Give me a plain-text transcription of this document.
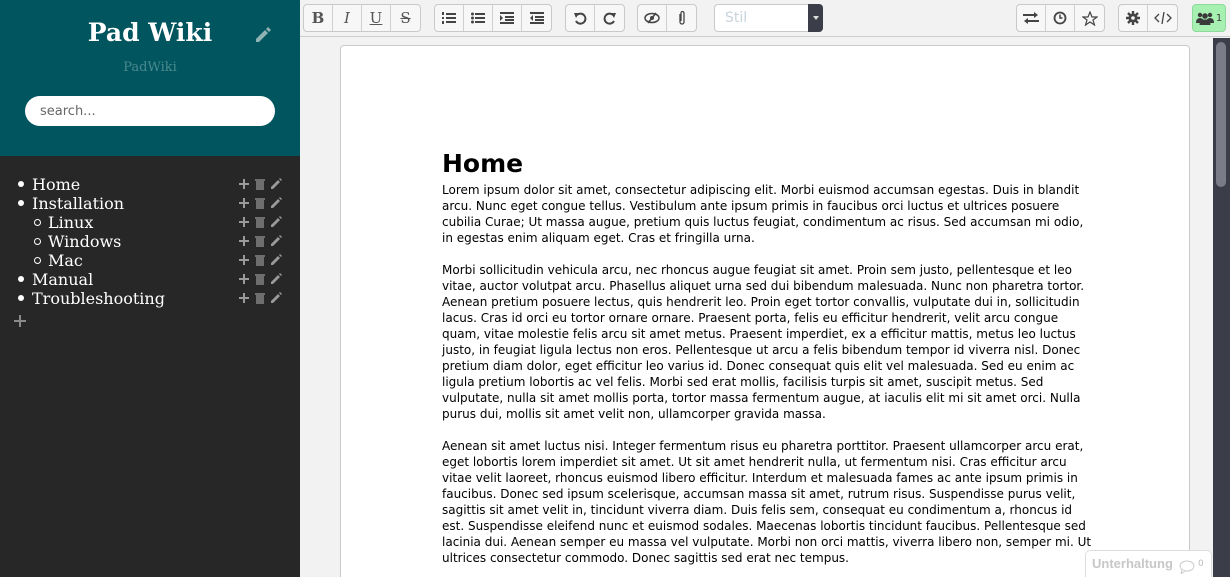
Pad Wiki
PadWiki
search...
Home
Installation
Linux
Windows
Mac
Manual
Troubleshooting
B	I	U	S	Stil	1
Home

Lorem ipsum dolor sit amet, consectetur adipiscing elit. Morbi euismod accumsan egestas. Duis in blandit arcu. Nunc eget congue tellus. Vestibulum ante ipsum primis in faucibus orci luctus et ultrices posuere cubilia Curae; Ut massa augue, pretium quis luctus feugiat, condimentum ac risus. Sed accumsan mi odio, in egestas enim aliquam eget. Cras et fringilla urna.

Morbi sollicitudin vehicula arcu, nec rhoncus augue feugiat sit amet. Proin sem justo, pellentesque et leo vitae, auctor volutpat arcu. Phasellus aliquet urna sed dui bibendum malesuada. Nunc non pharetra tortor. Aenean pretium posuere lectus, quis hendrerit leo. Proin eget tortor convallis, vulputate dui in, sollicitudin lacus. Cras id orci eu tortor ornare ornare. Praesent porta, felis eu efficitur hendrerit, velit arcu congue quam, vitae molestie felis arcu sit amet metus. Praesent imperdiet, ex a efficitur mattis, metus leo luctus justo, in feugiat ligula lectus non eros. Pellentesque ut arcu a felis bibendum tempor id viverra nisl. Donec pretium diam dolor, eget efficitur leo varius id. Donec consequat quis elit vel malesuada. Sed eu enim ac ligula pretium lobortis ac vel felis. Morbi sed erat mollis, facilisis turpis sit amet, suscipit metus. Sed vulputate, nulla sit amet mollis porta, tortor massa fermentum augue, at iaculis elit mi sit amet orci. Nulla purus dui, mollis sit amet velit non, ullamcorper gravida massa.

Aenean sit amet luctus nisi. Integer fermentum risus eu pharetra porttitor. Praesent ullamcorper arcu erat, eget lobortis lorem imperdiet sit amet. Ut sit amet hendrerit nulla, ut fermentum nisi. Cras efficitur arcu vitae velit laoreet, rhoncus euismod libero efficitur. Interdum et malesuada fames ac ante ipsum primis in faucibus. Donec sed ipsum scelerisque, accumsan massa sit amet, rutrum risus. Suspendisse purus velit, sagittis sit amet velit in, tincidunt viverra diam. Duis felis sem, consequat eu condimentum a, rhoncus id est. Suspendisse eleifend nunc et euismod sodales. Maecenas lobortis tincidunt faucibus. Pellentesque sed lacinia dui. Aenean semper eu massa vel vulputate. Morbi non orci mattis, viverra libero non, semper mi. Ut ultrices consectetur commodo. Donec sagittis sed erat nec tempus.	Unterhaltung	0
